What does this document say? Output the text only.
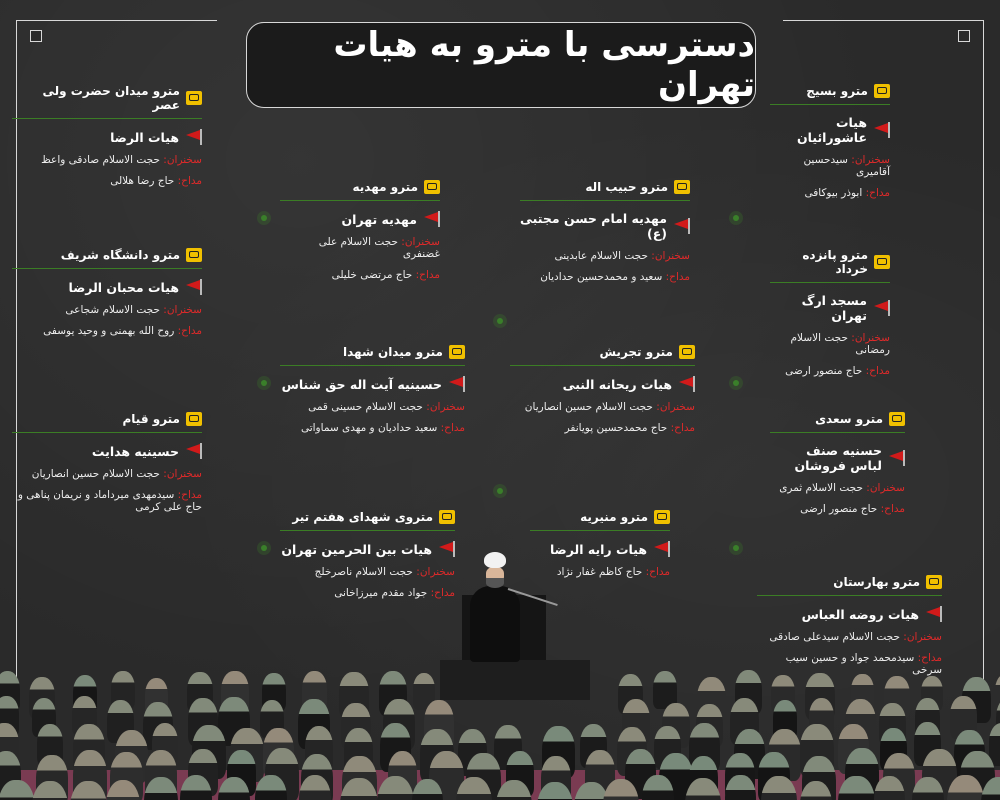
دسترسی با مترو به هیات تهران
مترو میدان حضرت ولی عصر
هیات الرضا
سخنران: حجت الاسلام صادقی واعظ
مداح: حاج رضا هلالی
مترو دانشگاه شریف
هیات محبان الرضا
سخنران: حجت الاسلام شجاعی
مداح: روح الله بهمنی و وحید یوسفی
مترو قیام
حسینیه هدایت
سخنران: حجت الاسلام حسین انصاریان
مداح: سیدمهدی میرداماد و نریمان پناهی و حاج علی کرمی
مترو مهدیه
مهدیه تهران
سخنران: حجت الاسلام علی غضنفری
مداح: حاج مرتضی خلیلی
مترو میدان شهدا
حسینیه آیت اله حق شناس
سخنران: حجت الاسلام حسینی قمی
مداح: سعید حدادیان و مهدی سماواتی
متروی شهدای هفتم تیر
هیات بین الحرمین تهران
سخنران: حجت الاسلام ناصرخلج
مداح: جواد مقدم میرزاخانی
مترو حبیب اله
مهدیه امام حسن مجتبی (ع)
سخنران: حجت الاسلام عابدینی
مداح: سعید و محمدحسین حدادیان
مترو تجریش
هیات ریحانه النبی
سخنران: حجت الاسلام حسین انصاریان
مداح: حاج محمدحسین پویانفر
مترو منیریه
هیات رایه الرضا
مداح: حاج کاظم غفار نژاد
مترو بسیج
هیات عاشورائیان
سخنران: سیدحسین آقامیری
مداح: ابوذر بیوکافی
مترو پانزده خرداد
مسجد ارگ تهران
سخنران: حجت الاسلام رمضانی
مداح: حاج منصور ارضی
مترو سعدی
حسنیه صنف لباس فروشان
سخنران: حجت الاسلام ثمری
مداح: حاج منصور ارضی
مترو بهارستان
هیات روضه العباس
سخنران: حجت الاسلام سیدعلی صادقی
مداح: سیدمحمد جواد و حسین سیب سرخی
